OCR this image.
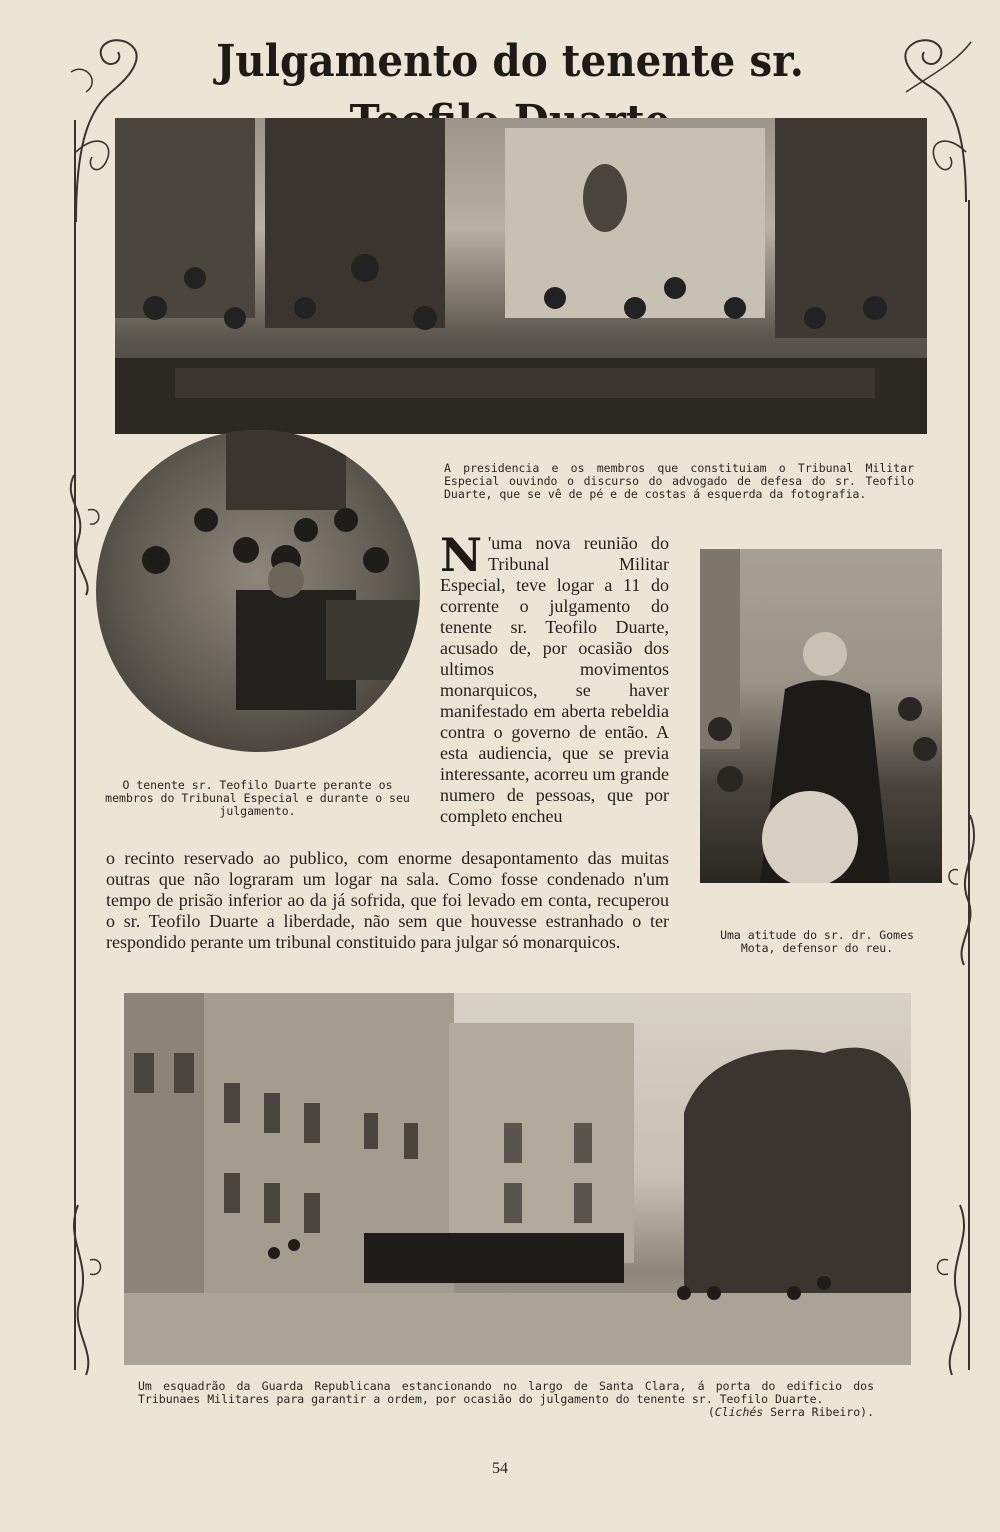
Julgamento do tenente sr.
A presidencia e os membros que constituiam o Tribunal Militar Especial ouvindo o discurso do advogado de defesa do sr. Teofilo Duarte, que se vê de pé e de costas á esquerda da fotografia.
O tenente sr. Teofilo Duarte perante os membros do Tribunal Especial e durante o seu julgamento.
N 'uma nova reunião do Tribunal Militar Especial, teve logar a 11 do corrente o julgamento do tenente sr. Teofilo Duarte, acusado de, por ocasião dos ultimos movimentos monarquicos, se haver manifestado em aberta rebeldia contra o governo de então. A esta audiencia, que se previa interessante, acorreu um grande numero de pessoas, que por completo encheu
o recinto reservado ao publico, com enorme desapontamento das muitas outras que não lograram um logar na sala. Como fosse condenado n'um tempo de prisão inferior ao da já sofrida, que foi levado em conta, recuperou o sr. Teofilo Duarte a liberdade, não sem que houvesse estranhado o ter respondido perante um tribunal constituido para julgar só monarquicos.	Uma atitude do sr. dr. Gomes Mota, defensor do reu.
Um esquadrão da Guarda Republicana estancionando no largo de Santa Clara, á porta do edificio dos Tribunaes Militares para garantir a ordem, por ocasião do julgamento do tenente sr. Teofilo Duarte.
(Clichés Serra Ribeiro).
54
